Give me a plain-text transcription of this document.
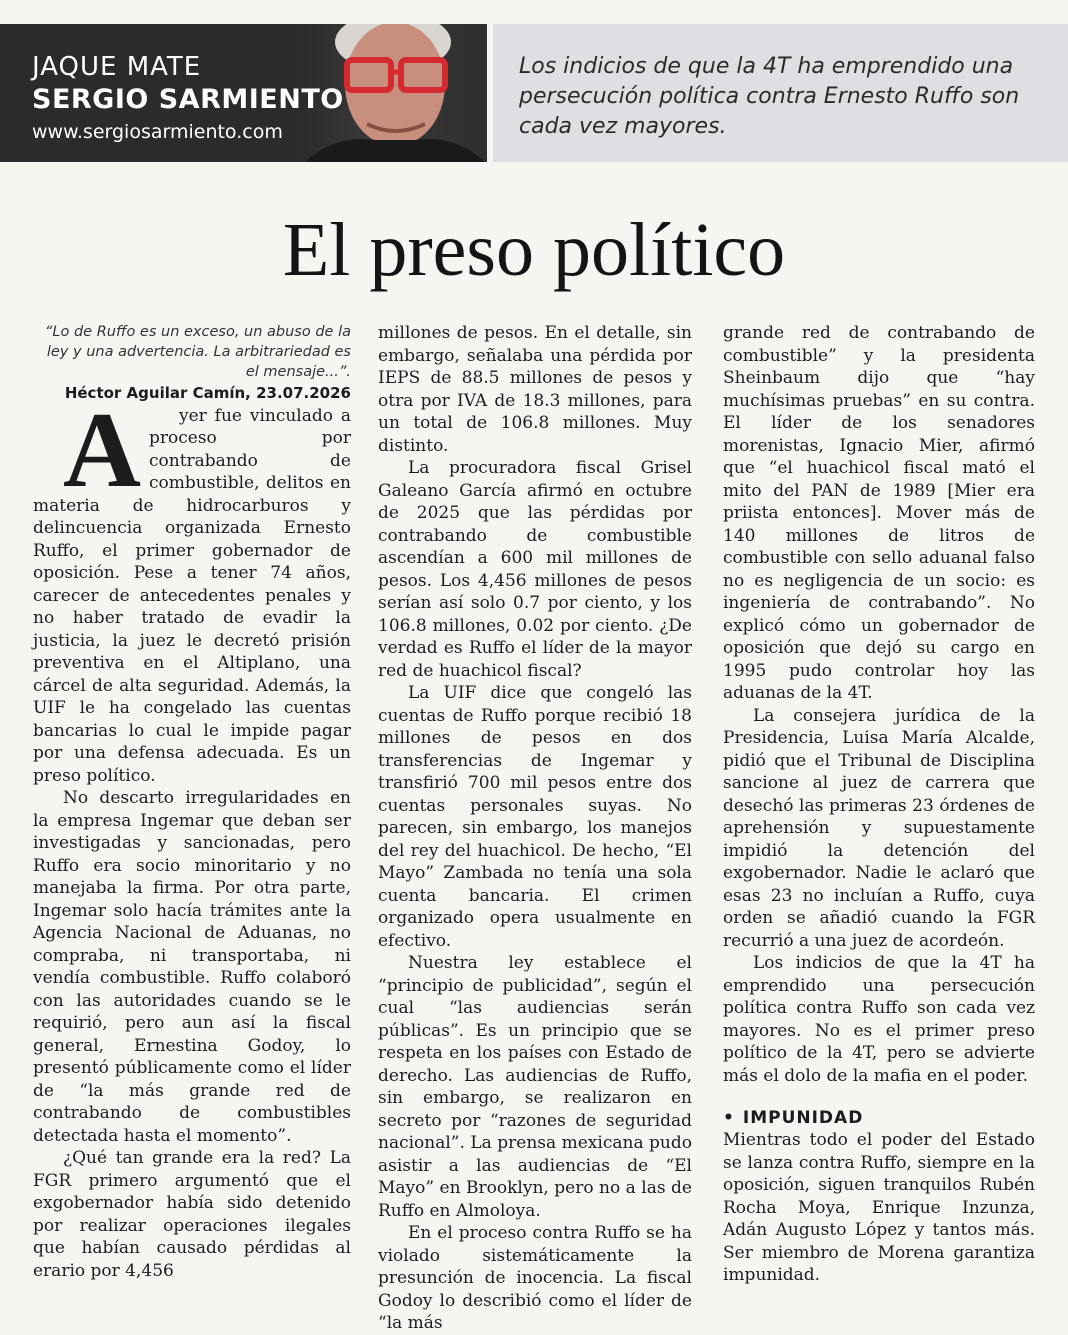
JAQUE MATE
SERGIO SARMIENTO
www.sergiosarmiento.com
Los indicios de que la 4T ha emprendido una persecución política contra Ernesto Ruffo son cada vez mayores.
El preso político

“Lo de Ruffo es un exceso, un abuso de la ley y una advertencia. La arbitrariedad es el mensaje...”.

Héctor Aguilar Camín, 23.07.2026

A yer fue vinculado a proceso por contrabando de combustible, delitos en materia de hidrocarburos y delincuencia organizada Ernesto Ruffo, el primer gobernador de oposición. Pese a tener 74 años, carecer de antecedentes penales y no haber tratado de evadir la justicia, la juez le decretó prisión preventiva en el Altiplano, una cárcel de alta seguridad. Además, la UIF le ha congelado las cuentas bancarias lo cual le impide pagar por una defensa adecuada. Es un preso político.

No descarto irregularidades en la empresa Ingemar que deban ser investigadas y sancionadas, pero Ruffo era socio minoritario y no manejaba la firma. Por otra parte, Ingemar solo hacía trámites ante la Agencia Nacional de Aduanas, no compraba, ni transportaba, ni vendía combustible. Ruffo colaboró con las autoridades cuando se le requirió, pero aun así la fiscal general, Ernestina Godoy, lo presentó públicamente como el líder de “la más grande red de contrabando de combustibles detectada hasta el momento”.

¿Qué tan grande era la red? La FGR primero argumentó que el exgobernador había sido detenido por realizar operaciones ilegales que habían causado pérdidas al erario por 4,456

millones de pesos. En el detalle, sin embargo, señalaba una pérdida por IEPS de 88.5 millones de pesos y otra por IVA de 18.3 millones, para un total de 106.8 millones. Muy distinto.

La procuradora fiscal Grisel Galeano García afirmó en octubre de 2025 que las pérdidas por contrabando de combustible ascendían a 600 mil millones de pesos. Los 4,456 millones de pesos serían así solo 0.7 por ciento, y los 106.8 millones, 0.02 por ciento. ¿De verdad es Ruffo el líder de la mayor red de huachicol fiscal?

La UIF dice que congeló las cuentas de Ruffo porque recibió 18 millones de pesos en dos transferencias de Ingemar y transfirió 700 mil pesos entre dos cuentas personales suyas. No parecen, sin embargo, los manejos del rey del huachicol. De hecho, “El Mayo” Zambada no tenía una sola cuenta bancaria. El crimen organizado opera usualmente en efectivo.

Nuestra ley establece el “principio de publicidad”, según el cual “las audiencias serán públicas”. Es un principio que se respeta en los países con Estado de derecho. Las audiencias de Ruffo, sin embargo, se realizaron en secreto por “razones de seguridad nacional”. La prensa mexicana pudo asistir a las audiencias de “El Mayo” en Brooklyn, pero no a las de Ruffo en Almoloya.

En el proceso contra Ruffo se ha violado sistemáticamente la presunción de inocencia. La fiscal Godoy lo describió como el líder de “la más

grande red de contrabando de combustible” y la presidenta Sheinbaum dijo que “hay muchísimas pruebas” en su contra. El líder de los senadores morenistas, Ignacio Mier, afirmó que “el huachicol fiscal mató el mito del PAN de 1989 [Mier era priista entonces]. Mover más de 140 millones de litros de combustible con sello aduanal falso no es negligencia de un socio: es ingeniería de contrabando”. No explicó cómo un gobernador de oposición que dejó su cargo en 1995 pudo controlar hoy las aduanas de la 4T.

La consejera jurídica de la Presidencia, Luisa María Alcalde, pidió que el Tribunal de Disciplina sancione al juez de carrera que desechó las primeras 23 órdenes de aprehensión y supuestamente impidió la detención del exgobernador. Nadie le aclaró que esas 23 no incluían a Ruffo, cuya orden se añadió cuando la FGR recurrió a una juez de acordeón.

Los indicios de que la 4T ha emprendido una persecución política contra Ruffo son cada vez mayores. No es el primer preso político de la 4T, pero se advierte más el dolo de la mafia en el poder.

• IMPUNIDAD

Mientras todo el poder del Estado se lanza contra Ruffo, siempre en la oposición, siguen tranquilos Rubén Rocha Moya, Enrique Inzunza, Adán Augusto López y tantos más. Ser miembro de Morena garantiza impunidad.
